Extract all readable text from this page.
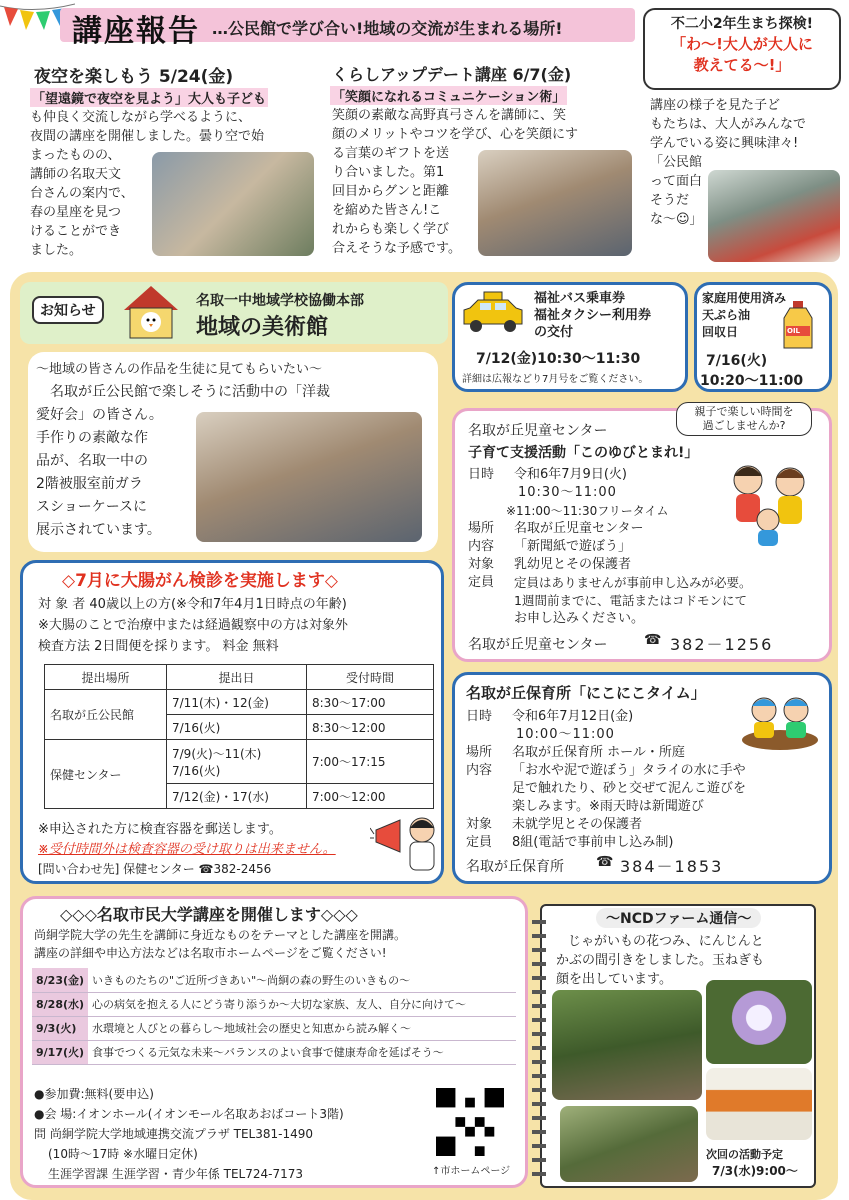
講座報告 …公民館で学び合い!地域の交流が生まれる場所!	不二小2年生まち探検!
「わ～!大人が大人に
教えてる～!」
講座の様子を見た子ど
もたちは、大人がみんなで
学んでいる姿に興味津々!
「公民館
って面白
そうだ
な～☺」
夜空を楽しもう 5/24(金)
「望遠鏡で夜空を見よう」大人も子ども
も仲良く交流しながら学べるように、
夜間の講座を開催しました。曇り空で始
まったものの、
講師の名取天文
台さんの案内で、
春の星座を見つ
けることができ
ました。
くらしアップデート講座 6/7(金)
「笑顔になれるコミュニケーション術」
笑顔の素敵な高野真弓さんを講師に、笑
顔のメリットやコツを学び、心を笑顔にす
る言葉のギフトを送
り合いました。第1
回目からグンと距離
を縮めた皆さん!こ
れからも楽しく学び
合えそうな予感です。
お知らせ
名取一中地域学校協働本部
地域の美術館
～地域の皆さんの作品を生徒に見てもらいたい～
名取が丘公民館で楽しそうに活動中の「洋裁
愛好会」の皆さん。
手作りの素敵な作
品が、名取一中の
2階被服室前ガラ
スショーケースに
展示されています。
福祉バス乗車券
福祉タクシー利用券
の交付
7/12(金)10:30～11:30
詳細は広報などり7月号をご覧ください。
家庭用使用済み
天ぷら油
回収日	OIL
7/16(火)
10:20～11:00
親子で楽しい時間を
過ごしませんか?
名取が丘児童センター
子育て支援活動「このゆびとまれ!」
日時	令和6年7月9日(火)
10:30～11:00
※11:00～11:30フリータイム
場所	名取が丘児童センター
内容	「新聞紙で遊ぼう」
対象	乳幼児とその保護者
定員	定員はありませんが事前申し込みが必要。
1週間前までに、電話またはコドモンにて
お申し込みください。
名取が丘児童センター	☎ 382－1256
◇7月に大腸がん検診を実施します◇
対 象 者 40歳以上の方(※令和7年4月1日時点の年齢)
※大腸のことで治療中または経過観察中の方は対象外
検査方法 2日間便を採ります。 料金 無料
提出場所	提出日	受付時間
名取が丘公民館	7/11(木)・12(金)	8:30～17:00
	7/16(火)	8:30～12:00
保健センター	7/9(火)～11(木) 7/16(火)	7:00～17:15
	7/12(金)・17(水)	7:00～12:00
※申込された方に検査容器を郵送します。
※受付時間外は検査容器の受け取りは出来ません。
[問い合わせ先] 保健センター ☎382-2456
名取が丘保育所「にこにこタイム」
日時	令和6年7月12日(金)
10:00～11:00
場所	名取が丘保育所 ホール・所庭
内容	「お水や泥で遊ぼう」タライの水に手や
足で触れたり、砂と交ぜて泥んこ遊びを
楽しみます。※雨天時は新聞遊び
対象	未就学児とその保護者
定員	8組(電話で事前申し込み制)
名取が丘保育所 ☎ 384－1853
◇◇◇名取市民大学講座を開催します◇◇◇
尚絅学院大学の先生を講師に身近なものをテーマとした講座を開講。
講座の詳細や申込方法などは名取市ホームページをご覧ください!
8/23(金)	いきものたちの"ご近所づきあい"～尚絅の森の野生のいきもの～
8/28(水)	心の病気を抱える人にどう寄り添うか～大切な家族、友人、自分に向けて～
9/3(火)	水環境と人びとの暮らし～地域社会の歴史と知恵から読み解く～
9/17(火)	食事でつくる元気な未来～バランスのよい食事で健康寿命を延ばそう～
●参加費:無料(要申込)
●会 場:イオンホール(イオンモール名取あおばコート3階)
問 尚絅学院大学地域連携交流プラザ TEL381-1490
(10時～17時 ※水曜日定休)
生涯学習課 生涯学習・青少年係 TEL724-7173	↑市ホームページ
～NCDファーム通信～
じゃがいもの花つみ、にんじんと
かぶの間引きをしました。玉ねぎも
顔を出しています。
次回の活動予定
7/3(水)9:00～
